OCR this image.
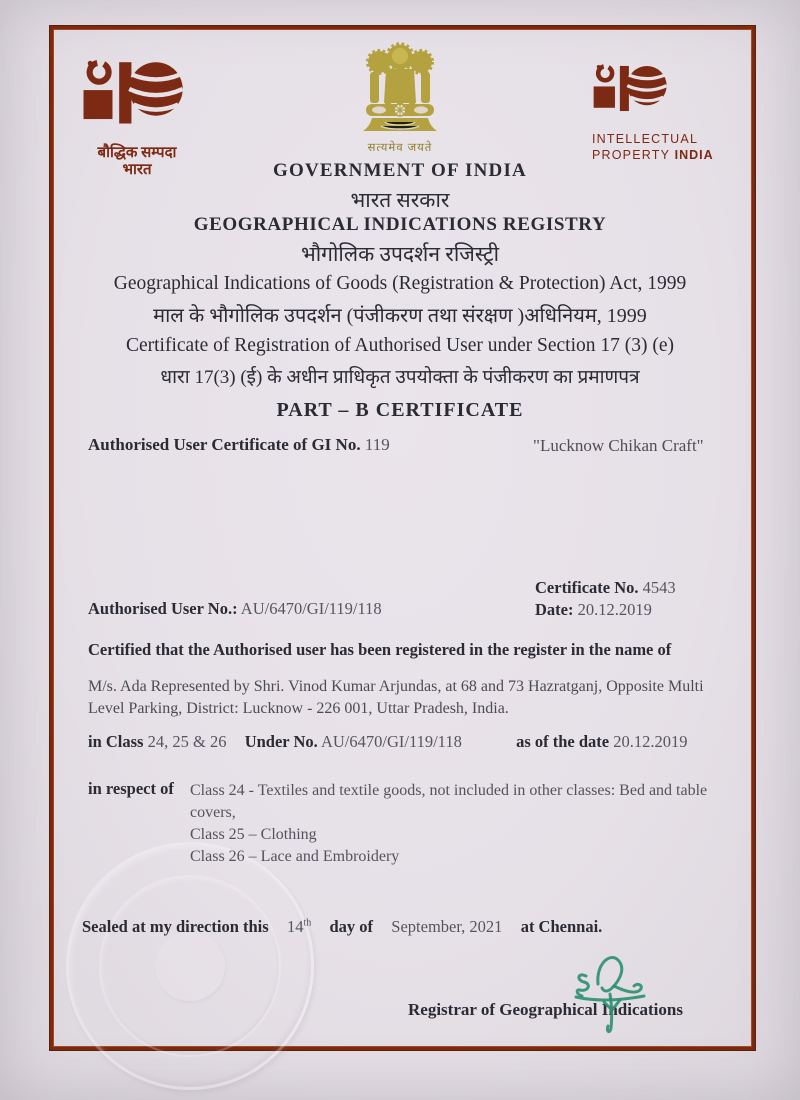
बौद्धिक सम्पदा
भारत
सत्यमेव जयते
INTELLECTUAL
PROPERTY INDIA
GOVERNMENT OF INDIA
भारत सरकार
GEOGRAPHICAL INDICATIONS REGISTRY
भौगोलिक उपदर्शन रजिस्ट्री
Geographical Indications of Goods (Registration & Protection) Act, 1999
माल के भौगोलिक उपदर्शन (पंजीकरण तथा संरक्षण )अधिनियम, 1999
Certificate of Registration of Authorised User under Section 17 (3) (e)
धारा 17(3) (ई) के अधीन प्राधिकृत उपयोक्ता के पंजीकरण का प्रमाणपत्र
PART – B CERTIFICATE
Authorised User Certificate of GI No. 119	"Lucknow Chikan Craft"
Certificate No. 4543
Date: 20.12.2019
Authorised User No.: AU/6470/GI/119/118
Certified that the Authorised user has been registered in the register in the name of
M/s. Ada Represented by Shri. Vinod Kumar Arjundas, at 68 and 73 Hazratganj, Opposite Multi Level Parking, District: Lucknow - 226 001, Uttar Pradesh, India.
in Class 24, 25 & 26 Under No. AU/6470/GI/119/118	as of the date 20.12.2019
in respect of Class 24 - Textiles and textile goods, not included in other classes: Bed and table covers,
Class 25 – Clothing
Class 26 – Lace and Embroidery
Sealed at my direction this 14th day of September, 2021 at Chennai.
Registrar of Geographical Indications
